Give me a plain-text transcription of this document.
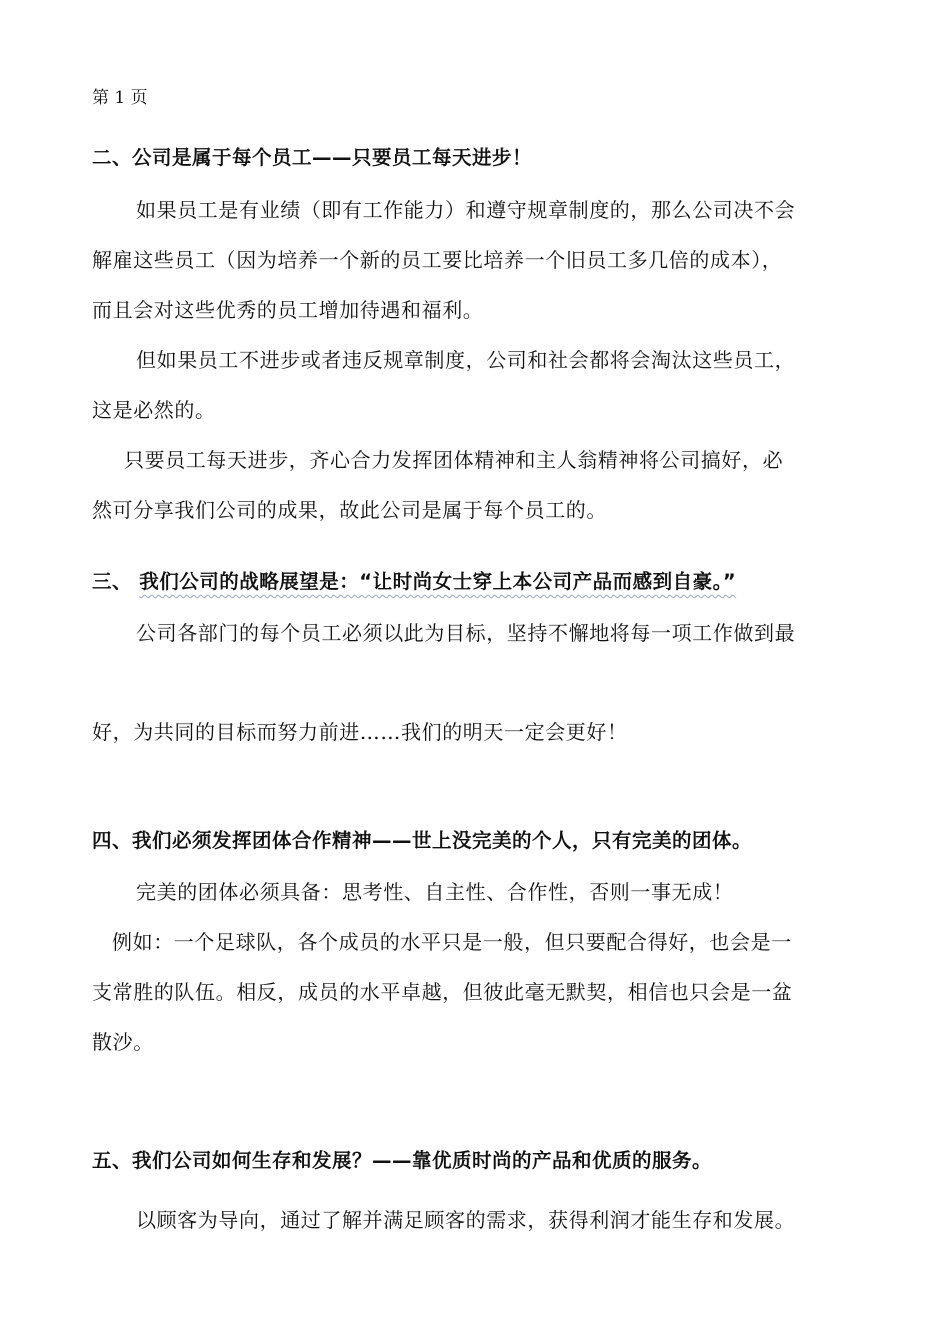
第 1 页
二、公司是属于每个员工——只要员工每天进步！
如果员工是有业绩（即有工作能力）和遵守规章制度的，那么公司决不会
解雇这些员工（因为培养一个新的员工要比培养一个旧员工多几倍的成本），
而且会对这些优秀的员工增加待遇和福利。
但如果员工不进步或者违反规章制度，公司和社会都将会淘汰这些员工，
这是必然的。
只要员工每天进步，齐心合力发挥团体精神和主人翁精神将公司搞好，必
然可分享我们公司的成果，故此公司是属于每个员工的。
三、 我们公司的战略展望是：“让时尚女士穿上本公司产品而感到自豪。”
公司各部门的每个员工必须以此为目标，坚持不懈地将每一项工作做到最
好，为共同的目标而努力前进……我们的明天一定会更好！
四、我们必须发挥团体合作精神——世上没完美的个人，只有完美的团体。
完美的团体必须具备：思考性、自主性、合作性，否则一事无成！
例如：一个足球队，各个成员的水平只是一般，但只要配合得好，也会是一
支常胜的队伍。相反，成员的水平卓越，但彼此毫无默契，相信也只会是一盆
散沙。
五、我们公司如何生存和发展？——靠优质时尚的产品和优质的服务。
以顾客为导向，通过了解并满足顾客的需求，获得利润才能生存和发展。
